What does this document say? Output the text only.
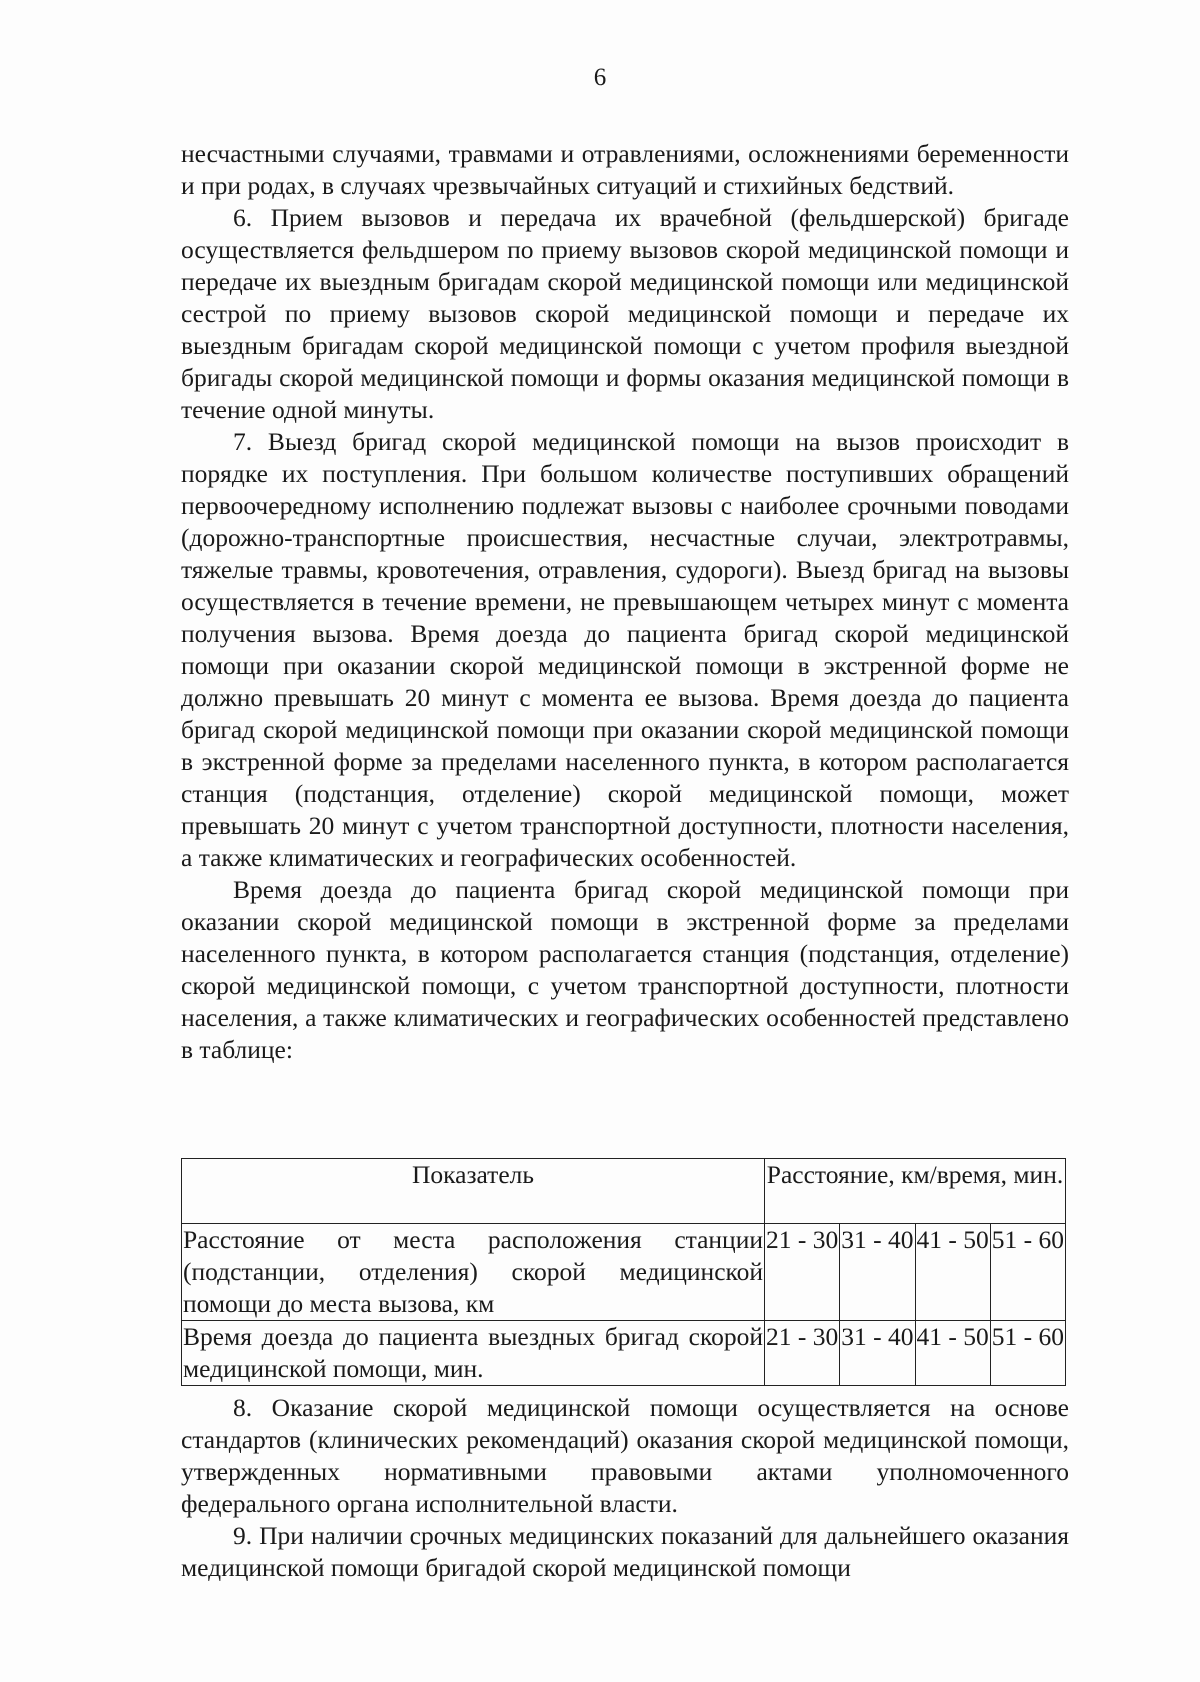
6

несчастными случаями, травмами и отравлениями, осложнениями беременности и при родах, в случаях чрезвычайных ситуаций и стихийных бедствий.

6. Прием вызовов и передача их врачебной (фельдшерской) бригаде осуществляется фельдшером по приему вызовов скорой медицинской помощи и передаче их выездным бригадам скорой медицинской помощи или медицинской сестрой по приему вызовов скорой медицинской помощи и передаче их выездным бригадам скорой медицинской помощи с учетом профиля выездной бригады скорой медицинской помощи и формы оказания медицинской помощи в течение одной минуты.

7. Выезд бригад скорой медицинской помощи на вызов происходит в порядке их поступления. При большом количестве поступивших обращений первоочередному исполнению подлежат вызовы с наиболее срочными поводами (дорожно-транспортные происшествия, несчастные случаи, электротравмы, тяжелые травмы, кровотечения, отравления, судороги). Выезд бригад на вызовы осуществляется в течение времени, не превышающем четырех минут с момента получения вызова. Время доезда до пациента бригад скорой медицинской помощи при оказании скорой медицинской помощи в экстренной форме не должно превышать 20 минут с момента ее вызова. Время доезда до пациента бригад скорой медицинской помощи при оказании скорой медицинской помощи в экстренной форме за пределами населенного пункта, в котором располагается станция (подстанция, отделение) скорой медицинской помощи, может превышать 20 минут с учетом транспортной доступности, плотности населения, а также климатических и географических особенностей.

Время доезда до пациента бригад скорой медицинской помощи при оказании скорой медицинской помощи в экстренной форме за пределами населенного пункта, в котором располагается станция (подстанция, отделение) скорой медицинской помощи, с учетом транспортной доступности, плотности населения, а также климатических и географических особенностей представлено в таблице:

Показатель	Расстояние, км/время, мин.			
Расстояние от места расположения станции (подстанции, отделения) скорой медицинской помощи до места вызова, км	21 - 30	31 - 40	41 - 50	51 - 60
Время доезда до пациента выездных бригад скорой медицинской помощи, мин.	21 - 30	31 - 40	41 - 50	51 - 60

8. Оказание скорой медицинской помощи осуществляется на основе стандартов (клинических рекомендаций) оказания скорой медицинской помощи, утвержденных нормативными правовыми актами уполномоченного федерального органа исполнительной власти.

9. При наличии срочных медицинских показаний для дальнейшего оказания медицинской помощи бригадой скорой медицинской помощи
